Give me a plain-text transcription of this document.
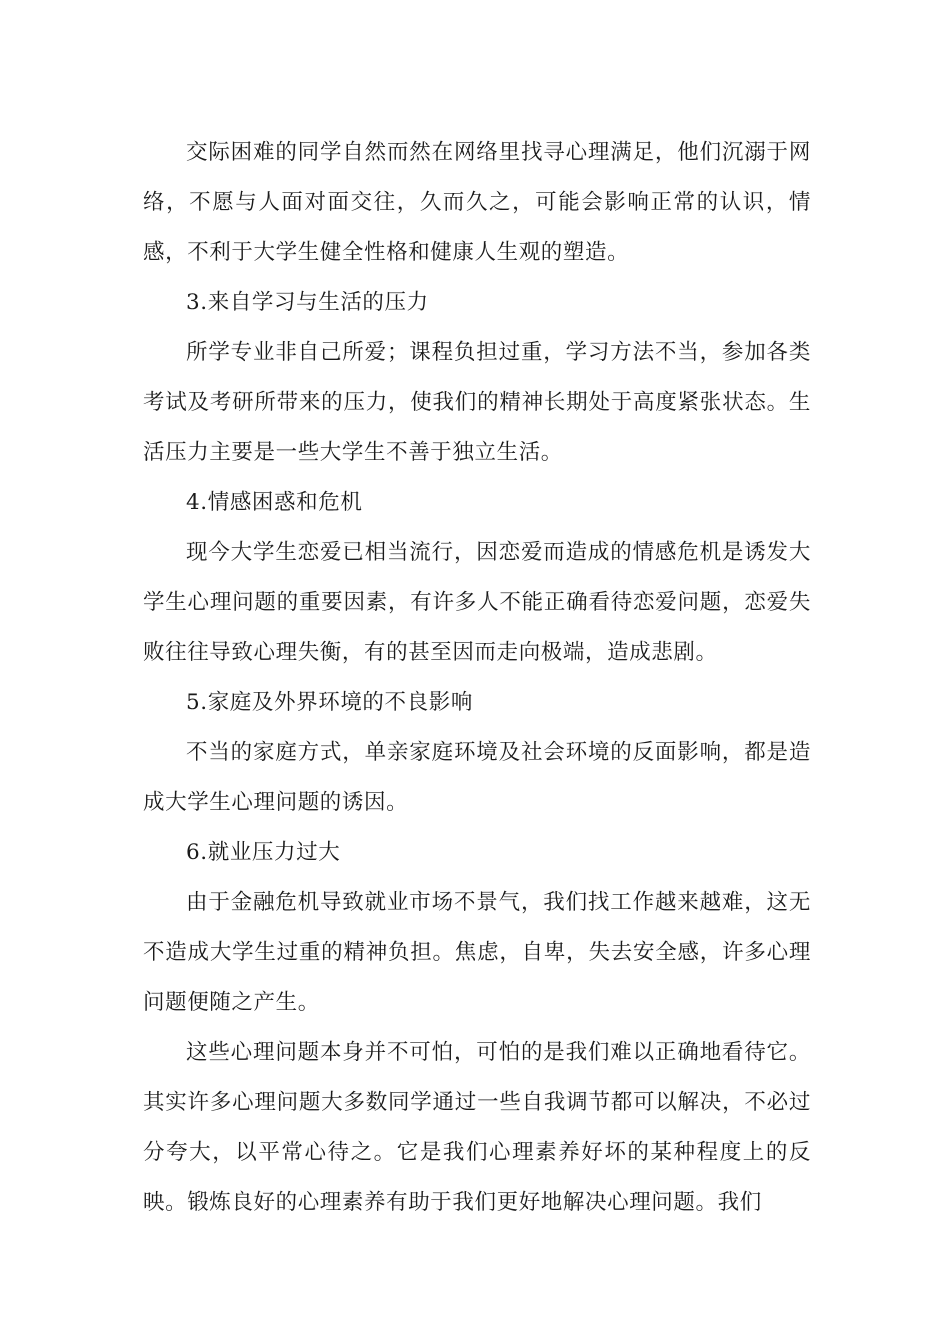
交际困难的同学自然而然在网络里找寻心理满足，他们沉溺于网络，不愿与人面对面交往，久而久之，可能会影响正常的认识，情感，不利于大学生健全性格和健康人生观的塑造。

3.来自学习与生活的压力

所学专业非自己所爱；课程负担过重，学习方法不当，参加各类考试及考研所带来的压力，使我们的精神长期处于高度紧张状态。生活压力主要是一些大学生不善于独立生活。

4.情感困惑和危机

现今大学生恋爱已相当流行，因恋爱而造成的情感危机是诱发大学生心理问题的重要因素，有许多人不能正确看待恋爱问题，恋爱失败往往导致心理失衡，有的甚至因而走向极端，造成悲剧。

5.家庭及外界环境的不良影响

不当的家庭方式，单亲家庭环境及社会环境的反面影响，都是造成大学生心理问题的诱因。

6.就业压力过大

由于金融危机导致就业市场不景气，我们找工作越来越难，这无不造成大学生过重的精神负担。焦虑，自卑，失去安全感，许多心理问题便随之产生。

这些心理问题本身并不可怕，可怕的是我们难以正确地看待它。其实许多心理问题大多数同学通过一些自我调节都可以解决，不必过分夸大，以平常心待之。它是我们心理素养好坏的某种程度上的反映。锻炼良好的心理素养有助于我们更好地解决心理问题。我们
